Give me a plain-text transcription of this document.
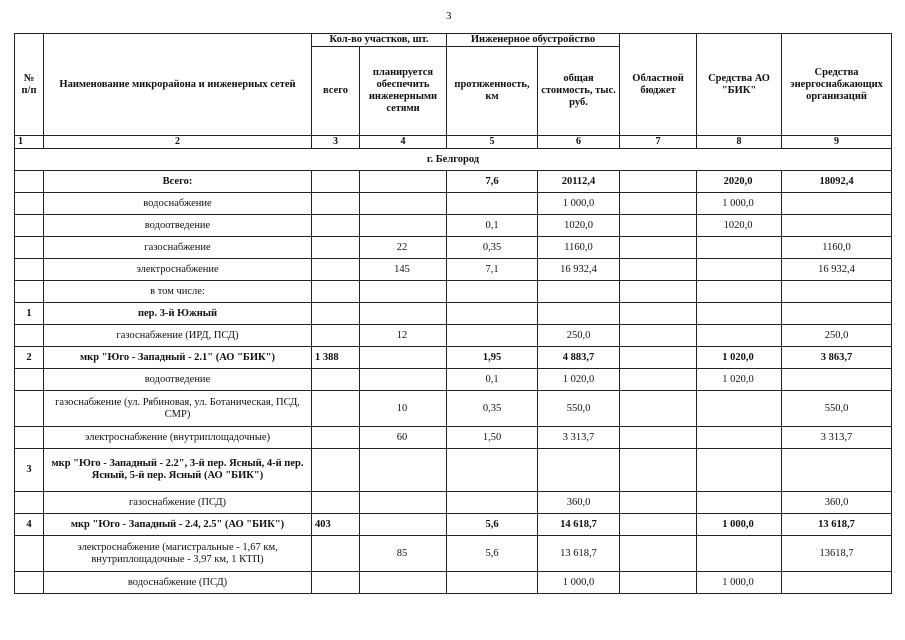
3
№
п/п	Наименование микрорайона и инженерных сетей	Кол-во участков, шт.		Инженерное обустройство		Областной бюджет	Средства АО "БИК"	Средства энергоснабжающих организаций
		всего	планируется обеспечить инженерными сетями	протяженность, км	общая стоимость, тыс. руб.			
1	2	3	4	5	6	7	8	9
г. Белгород								
	Всего:			7,6	20112,4		2020,0	18092,4
	водоснабжение				1 000,0		1 000,0	
	водоотведение			0,1	1020,0		1020,0	
	газоснабжение		22	0,35	1160,0			1160,0
	электроснабжение		145	7,1	16 932,4			16 932,4
	в том числе:							
1	пер. 3-й Южный							
	газоснабжение (ИРД, ПСД)		12		250,0			250,0
2	мкр "Юго - Западный - 2.1" (АО "БИК")	1 388		1,95	4 883,7		1 020,0	3 863,7
	водоотведение			0,1	1 020,0		1 020,0	
	газоснабжение (ул. Рябиновая, ул. Ботаническая, ПСД, СМР)		10	0,35	550,0			550,0
	электроснабжение (внутриплощадочные)		60	1,50	3 313,7			3 313,7
3	мкр "Юго - Западный - 2.2", 3-й пер. Ясный, 4-й пер. Ясный, 5-й пер. Ясный (АО "БИК")							
	газоснабжение (ПСД)				360,0			360,0
4	мкр "Юго - Западный - 2.4, 2.5" (АО "БИК")	403		5,6	14 618,7		1 000,0	13 618,7
	электроснабжение (магистральные - 1,67 км, внутриплощадочные - 3,97 км, 1 КТП)		85	5,6	13 618,7			13618,7
	водоснабжение (ПСД)				1 000,0		1 000,0	
